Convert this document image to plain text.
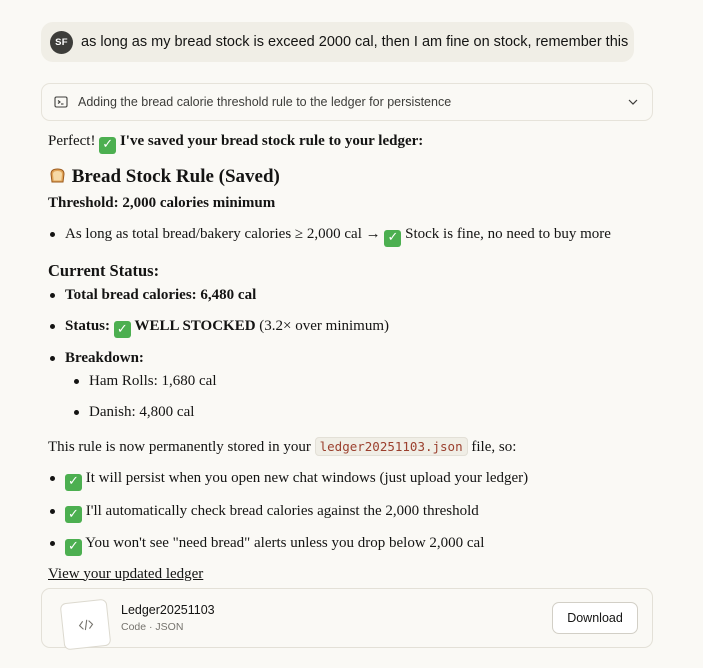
SF as long as my bread stock is exceed 2000 cal, then I am fine on stock, remember this
Adding the bread calorie threshold rule to the ledger for persistence
Perfect! ✓ I've saved your bread stock rule to your ledger:
Bread Stock Rule (Saved)
Threshold: 2,000 calories minimum
As long as total bread/bakery calories ≥ 2,000 cal → ✓ Stock is fine, no need to buy more
Current Status:
Total bread calories: 6,480 cal
Status: ✓ WELL STOCKED (3.2× over minimum)
Breakdown:
Ham Rolls: 1,680 cal
Danish: 4,800 cal
This rule is now permanently stored in your ledger20251103.json file, so:
✓ It will persist when you open new chat windows (just upload your ledger)
✓ I'll automatically check bread calories against the 2,000 threshold
✓ You won't see "need bread" alerts unless you drop below 2,000 cal
View your updated ledger
Ledger20251103
Code · JSON
Download
